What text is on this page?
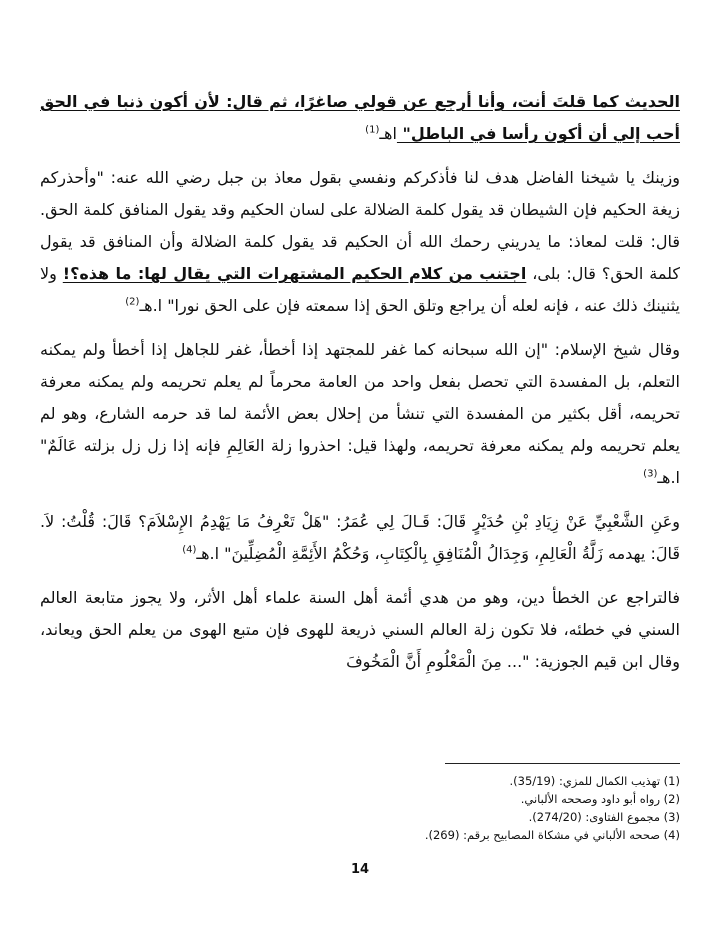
الحديث كما قلتَ أنت، وأنا أرجع عن قولي صاغرًا، ثم قال: لأن أكون ذنبا في الحق أحب إلي أن أكون رأسا في الباطل" اهـ$^{(1)}$

وزينك يا شيخنا الفاضل هدف لنا فأذكركم ونفسي بقول معاذ بن جبل رضي الله عنه: "وأحذركم زيغة الحكيم فإن الشيطان قد يقول كلمة الضلالة على لسان الحكيم وقد يقول المنافق كلمة الحق. قال: قلت لمعاذ: ما يدريني رحمك الله أن الحكيم قد يقول كلمة الضلالة وأن المنافق قد يقول كلمة الحق؟ قال: بلى، اجتنب من كلام الحكيم المشتهرات التي يقال لها: ما هذه؟! ولا يثنينك ذلك عنه ، فإنه لعله أن يراجع وتلق الحق إذا سمعته فإن على الحق نورا" ا.هـ$^{(2)}$

وقال شيخ الإسلام: "إن الله سبحانه كما غفر للمجتهد إذا أخطأ، غفر للجاهل إذا أخطأ ولم يمكنه التعلم، بل المفسدة التي تحصل بفعل واحد من العامة محرماً لم يعلم تحريمه ولم يمكنه معرفة تحريمه، أقل بكثير من المفسدة التي تنشأ من إحلال بعض الأئمة لما قد حرمه الشارع، وهو لم يعلم تحريمه ولم يمكنه معرفة تحريمه، ولهذا قيل: احذروا زلة العَالِمِ فإنه إذا زل زل بزلته عَالَمٌ" ا.هـ$^{(3)}$

وعَنِ الشَّعْبِيِّ عَنْ زِيَادِ بْنِ حُدَيْرٍ قَالَ: قَـالَ لِي عُمَرُ: "هَلْ تَعْرِفُ مَا يَهْدِمُ الإِسْلاَمَ؟ قَالَ: قُلْتُ: لاَ. قَالَ: يهدمه زَلَّةُ الْعَالِمِ، وَجِدَالُ الْمُنَافِقِ بِالْكِتَابِ، وَحُكْمُ الأَئِمَّةِ الْمُضِلِّينَ" ا.هـ$^{(4)}$

فالتراجع عن الخطأ دين، وهو من هدي أئمة أهل السنة علماء أهل الأثر، ولا يجوز متابعة العالم السني في خطئه، فلا تكون زلة العالم السني ذريعة للهوى فإن متبع الهوى من يعلم الحق ويعاند، وقال ابن قيم الجوزية: "... مِنَ الْمَعْلُومِ أَنَّ الْمَخُوفَ

(1) تهذيب الكمال للمزي: (35/19).

(2) رواه أبو داود وصححه الألباني.

(3) مجموع الفتاوى: (274/20).

(4) صححه الألباني في مشكاة المصابيح برقم: (269).

14
